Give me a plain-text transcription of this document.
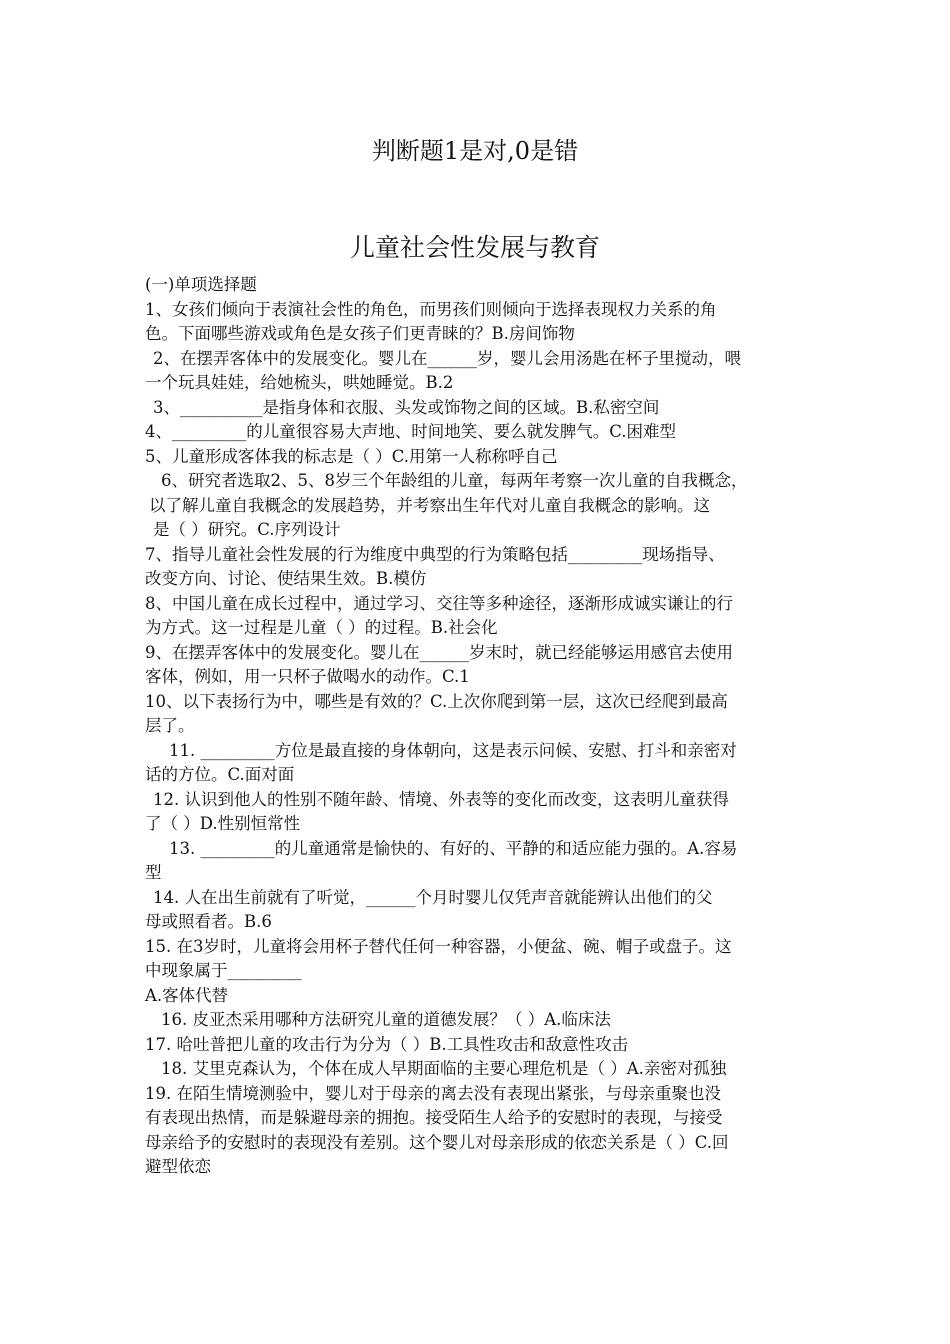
判断题1是对,0是错
儿童社会性发展与教育
(一)单项选择题
1、女孩们倾向于表演社会性的角色，而男孩们则倾向于选择表现权力关系的角
色。下面哪些游戏或角色是女孩子们更青睐的？B.房间饰物
2、在摆弄客体中的发展变化。婴儿在______岁，婴儿会用汤匙在杯子里搅动，喂
一个玩具娃娃，给她梳头，哄她睡觉。B.2
3、__________是指身体和衣服、头发或饰物之间的区域。B.私密空间
4、_________的儿童很容易大声地、时间地笑、要么就发脾气。C.困难型
5、儿童形成客体我的标志是（ ）C.用第一人称称呼自己
6、研究者选取2、5、8岁三个年龄组的儿童，每两年考察一次儿童的自我概念，
以了解儿童自我概念的发展趋势，并考察出生年代对儿童自我概念的影响。这
是（ ）研究。C.序列设计
7、指导儿童社会性发展的行为维度中典型的行为策略包括_________现场指导、
改变方向、讨论、使结果生效。B.模仿
8、中国儿童在成长过程中，通过学习、交往等多种途径，逐渐形成诚实谦让的行
为方式。这一过程是儿童（ ）的过程。B.社会化
9、在摆弄客体中的发展变化。婴儿在______岁末时，就已经能够运用感官去使用
客体，例如，用一只杯子做喝水的动作。C.1
10、以下表扬行为中，哪些是有效的？C.上次你爬到第一层，这次已经爬到最高
层了。
11. _________方位是最直接的身体朝向，这是表示问候、安慰、打斗和亲密对
话的方位。C.面对面
12. 认识到他人的性别不随年龄、情境、外表等的变化而改变，这表明儿童获得
了（ ）D.性别恒常性
13. _________的儿童通常是愉快的、有好的、平静的和适应能力强的。A.容易
型
14. 人在出生前就有了听觉，______个月时婴儿仅凭声音就能辨认出他们的父
母或照看者。B.6
15. 在3岁时，儿童将会用杯子替代任何一种容器，小便盆、碗、帽子或盘子。这
中现象属于_________
A.客体代替
16. 皮亚杰采用哪种方法研究儿童的道德发展？（ ）A.临床法
17. 哈吐普把儿童的攻击行为分为（ ）B.工具性攻击和敌意性攻击
18. 艾里克森认为，个体在成人早期面临的主要心理危机是（ ）A.亲密对孤独
19. 在陌生情境测验中，婴儿对于母亲的离去没有表现出紧张，与母亲重聚也没
有表现出热情，而是躲避母亲的拥抱。接受陌生人给予的安慰时的表现，与接受
母亲给予的安慰时的表现没有差别。这个婴儿对母亲形成的依恋关系是（ ）C.回
避型依恋
